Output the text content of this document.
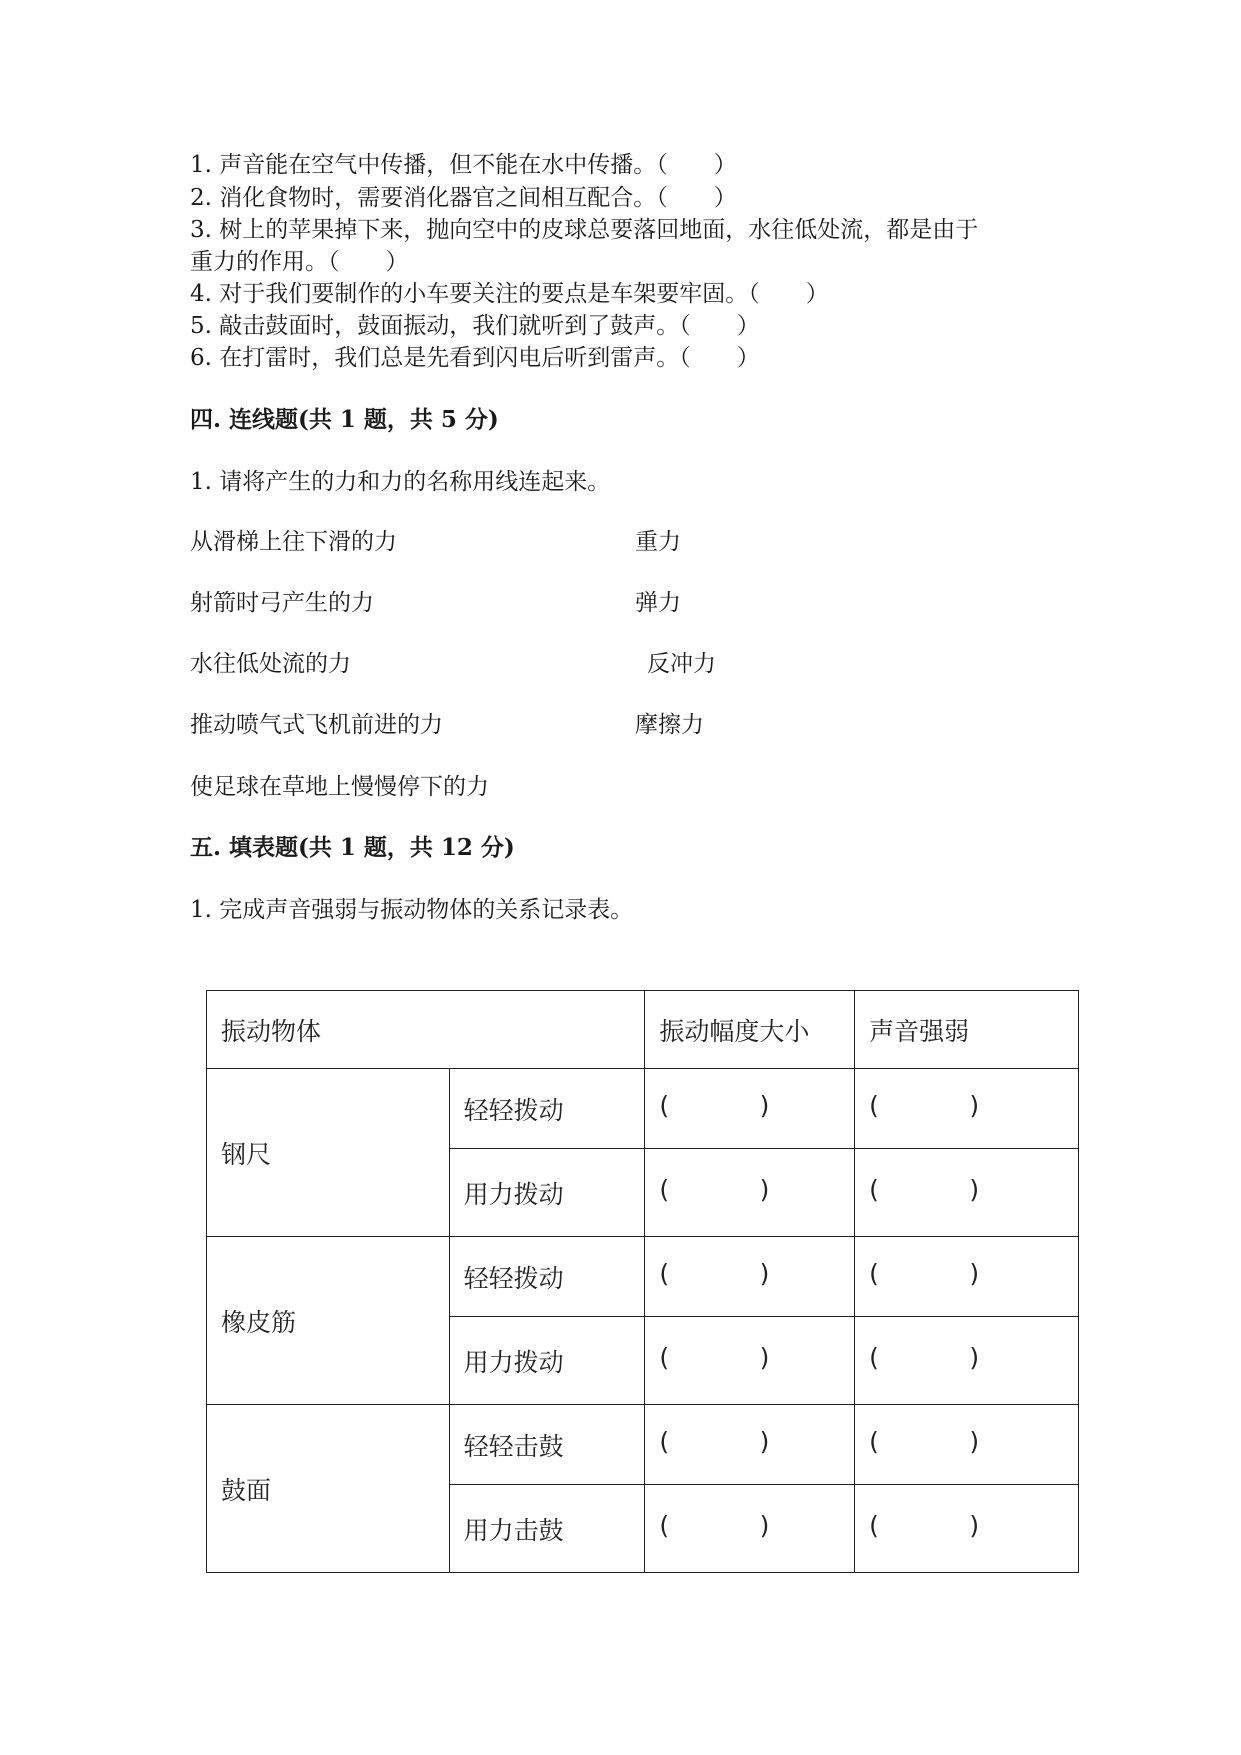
1. 声音能在空气中传播，但不能在水中传播。（　　）
2. 消化食物时，需要消化器官之间相互配合。（　　）
3. 树上的苹果掉下来，抛向空中的皮球总要落回地面，水往低处流，都是由于
重力的作用。（　　）
4. 对于我们要制作的小车要关注的要点是车架要牢固。（　　）
5. 敲击鼓面时，鼓面振动，我们就听到了鼓声。（　　）
6. 在打雷时，我们总是先看到闪电后听到雷声。（　　）
四. 连线题(共 1 题，共 5 分)
1. 请将产生的力和力的名称用线连起来。
从滑梯上往下滑的力
射箭时弓产生的力
水往低处流的力
推动喷气式飞机前进的力
使足球在草地上慢慢停下的力
重力
弹力
反冲力
摩擦力
五. 填表题(共 1 题，共 12 分)
1. 完成声音强弱与振动物体的关系记录表。
振动物体		振动幅度大小	声音强弱
钢尺	轻轻拨动	( )	( )

	用力拨动	( )	( )

橡皮筋	轻轻拨动	( )	( )

	用力拨动	( )	( )

鼓面	轻轻击鼓	( )	( )

	用力击鼓	( )	( )
